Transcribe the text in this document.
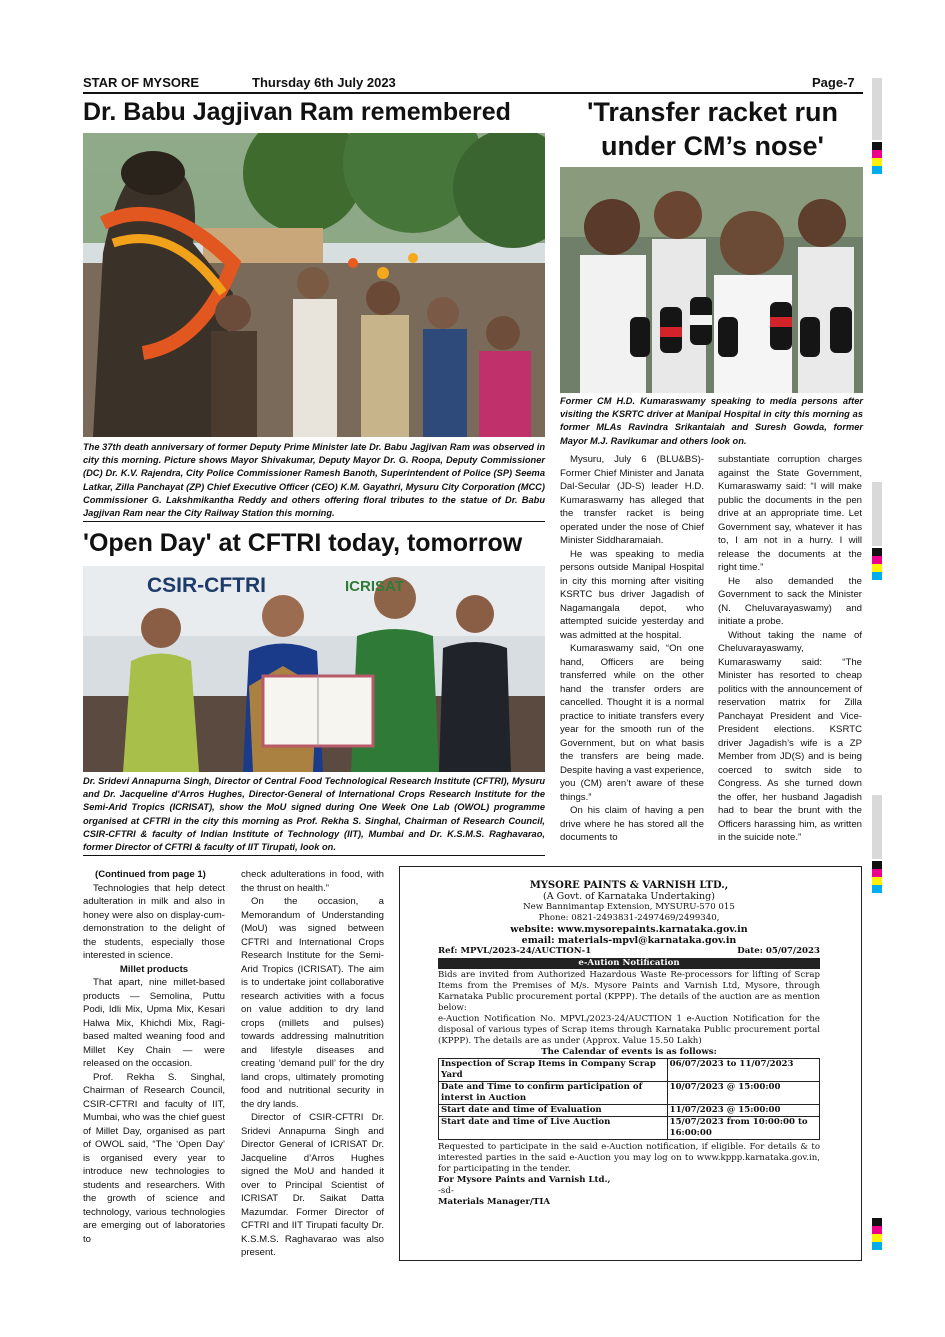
STAR OF MYSORE	Thursday 6th July 2023	Page-7
Dr. Babu Jagjivan Ram remembered
The 37th death anniversary of former Deputy Prime Minister late Dr. Babu Jagjivan Ram was observed in city this morning. Picture shows Mayor Shivakumar, Deputy Mayor Dr. G. Roopa, Deputy Commissioner (DC) Dr. K.V. Rajendra, City Police Commissioner Ramesh Banoth, Superintendent of Police (SP) Seema Latkar, Zilla Panchayat (ZP) Chief Executive Officer (CEO) K.M. Gayathri, Mysuru City Corporation (MCC) Commissioner G. Lakshmikantha Reddy and others offering floral tributes to the statue of Dr. Babu Jagjivan Ram near the City Railway Station this morning.
'Open Day' at CFTRI today, tomorrow
CSIR-CFTRI	ICRISAT
Dr. Sridevi Annapurna Singh, Director of Central Food Technological Research Institute (CFTRI), Mysuru and Dr. Jacqueline d'Arros Hughes, Director-General of International Crops Research Institute for the Semi-Arid Tropics (ICRISAT), show the MoU signed during One Week One Lab (OWOL) programme organised at CFTRI in the city this morning as Prof. Rekha S. Singhal, Chairman of Research Council, CSIR-CFTRI & faculty of Indian Institute of Technology (IIT), Mumbai and Dr. K.S.M.S. Raghavarao, former Director of CFTRI & faculty of IIT Tirupati, look on.

(Continued from page 1)

Technologies that help detect adulteration in milk and also in honey were also on display-cum-demonstration to the delight of the students, especially those interested in science.

Millet products

That apart, nine millet-based products — Semolina, Puttu Podi, Idli Mix, Upma Mix, Kesari Halwa Mix, Khichdi Mix, Ragi-based malted weaning food and Millet Key Chain — were released on the occasion.

Prof. Rekha S. Singhal, Chairman of Research Council, CSIR-CFTRI and faculty of IIT, Mumbai, who was the chief guest of Millet Day, organised as part of OWOL said, “The ‘Open Day’ is organised every year to introduce new technologies to students and researchers. With the growth of science and technology, various technologies are emerging out of laboratories to

check adulterations in food, with the thrust on health.”

On the occasion, a Memorandum of Understanding (MoU) was signed between CFTRI and International Crops Research Institute for the Semi-Arid Tropics (ICRISAT). The aim is to undertake joint collaborative research activities with a focus on value addition to dry land crops (millets and pulses) towards addressing malnutrition and lifestyle diseases and creating ‘demand pull’ for the dry land crops, ultimately promoting food and nutritional security in the dry lands.

Director of CSIR-CFTRI Dr. Sridevi Annapurna Singh and Director General of ICRISAT Dr. Jacqueline d’Arros Hughes signed the MoU and handed it over to Principal Scientist of ICRISAT Dr. Saikat Datta Mazumdar. Former Director of CFTRI and IIT Tirupati faculty Dr. K.S.M.S. Raghavarao was also present.

'Transfer racket run
under CM’s nose'
Former CM H.D. Kumaraswamy speaking to media persons after visiting the KSRTC driver at Manipal Hospital in city this morning as former MLAs Ravindra Srikantaiah and Suresh Gowda, former Mayor M.J. Ravikumar and others look on.

Mysuru, July 6 (BLU&BS)- Former Chief Minister and Janata Dal-Secular (JD-S) leader H.D. Kumaraswamy has alleged that the transfer racket is being operated under the nose of Chief Minister Siddharamaiah.

He was speaking to media persons outside Manipal Hospital in city this morning after visiting KSRTC bus driver Jagadish of Nagamangala depot, who attempted suicide yesterday and was admitted at the hospital.

Kumaraswamy said, “On one hand, Officers are being transferred while on the other hand the transfer orders are cancelled. Thought it is a normal practice to initiate transfers every year for the smooth run of the Government, but on what basis the transfers are being made. Despite having a vast experience, you (CM) aren’t aware of these things.”

On his claim of having a pen drive where he has stored all the documents to

substantiate corruption charges against the State Government, Kumaraswamy said: “I will make public the documents in the pen drive at an appropriate time. Let Government say, whatever it has to, I am not in a hurry. I will release the documents at the right time.”

He also demanded the Government to sack the Minister (N. Cheluvarayaswamy) and initiate a probe.

Without taking the name of Cheluvarayaswamy, Kumaraswamy said: “The Minister has resorted to cheap politics with the announcement of reservation matrix for Zilla Panchayat President and Vice-President elections. KSRTC driver Jagadish’s wife is a ZP Member from JD(S) and is being coerced to switch side to Congress. As she turned down the offer, her husband Jagadish had to bear the brunt with the Officers harassing him, as written in the suicide note.”

MYSORE PAINTS & VARNISH LTD.,
(A Govt. of Karnataka Undertaking)
New Bannimantap Extension, MYSURU-570 015
Phone: 0821-2493831-2497469/2499340,
website: www.mysorepaints.karnataka.gov.in
email: materials-mpvl@karnataka.gov.in
Ref: MPVL/2023-24/AUCTION-1	Date: 05/07/2023
e-Aution Notification
Bids are invited from Authorized Hazardous Waste Re-processors for lifting of Scrap Items from the Premises of M/s. Mysore Paints and Varnish Ltd, Mysore, through Karnataka Public procurement portal (KPPP). The details of the auction are as mention below:
e-Auction Notification No. MPVL/2023-24/AUCTION 1 e-Auction Notification for the disposal of various types of Scrap items through Karnataka Public procurement portal (KPPP). The details are as under (Approx. Value 15.50 Lakh)
The Calendar of events is as follows:
Inspection of Scrap Items in Company Scrap Yard	06/07/2023 to 11/07/2023
Date and Time to confirm participation of interst in Auction	10/07/2023 @ 15:00:00
Start date and time of Evaluation	11/07/2023 @ 15:00:00
Start date and time of Live Auction	15/07/2023 from 10:00:00 to 16:00:00
Requested to participate in the said e-Auction notification, if eligible. For details & to interested parties in the said e-Auction you may log on to www.kppp.karnataka.gov.in, for participating in the tender.
For Mysore Paints and Varnish Ltd.,
-sd-
Materials Manager/TIA
